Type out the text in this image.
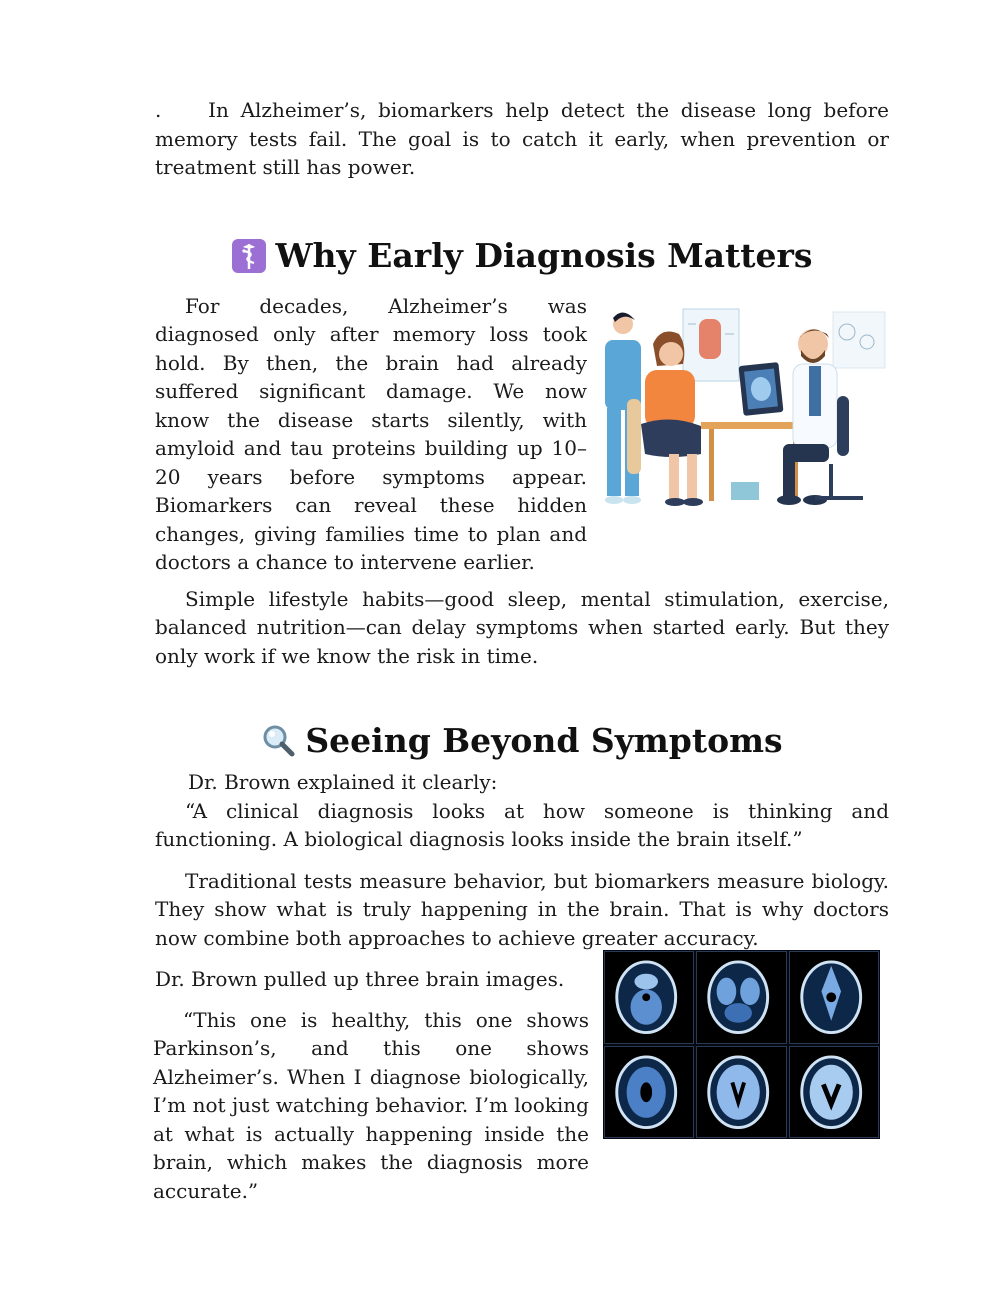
. In Alzheimer’s, biomarkers help detect the disease long before memory tests fail. The goal is to catch it early, when prevention or treatment still has power.

Why Early Diagnosis Matters

For decades, Alzheimer’s was diagnosed only after memory loss took hold. By then, the brain had already suffered significant damage. We now know the disease starts silently, with amyloid and tau proteins building up 10–20 years before symptoms appear. Biomarkers can reveal these hidden changes, giving families time to plan and doctors a chance to intervene earlier.

Simple lifestyle habits—good sleep, mental stimulation, exercise, balanced nutrition—can delay symptoms when started early. But they only work if we know the risk in time.

Seeing Beyond Symptoms

Dr. Brown explained it clearly:

“A clinical diagnosis looks at how someone is thinking and functioning. A biological diagnosis looks inside the brain itself.”

Traditional tests measure behavior, but biomarkers measure biology. They show what is truly happening in the brain. That is why doctors now combine both approaches to achieve greater accuracy.

Dr. Brown pulled up three brain images.

“This one is healthy, this one shows Parkinson’s, and this one shows Alzheimer’s. When I diagnose biologically, I’m not just watching behavior. I’m looking at what is actually happening inside the brain, which makes the diagnosis more accurate.”
